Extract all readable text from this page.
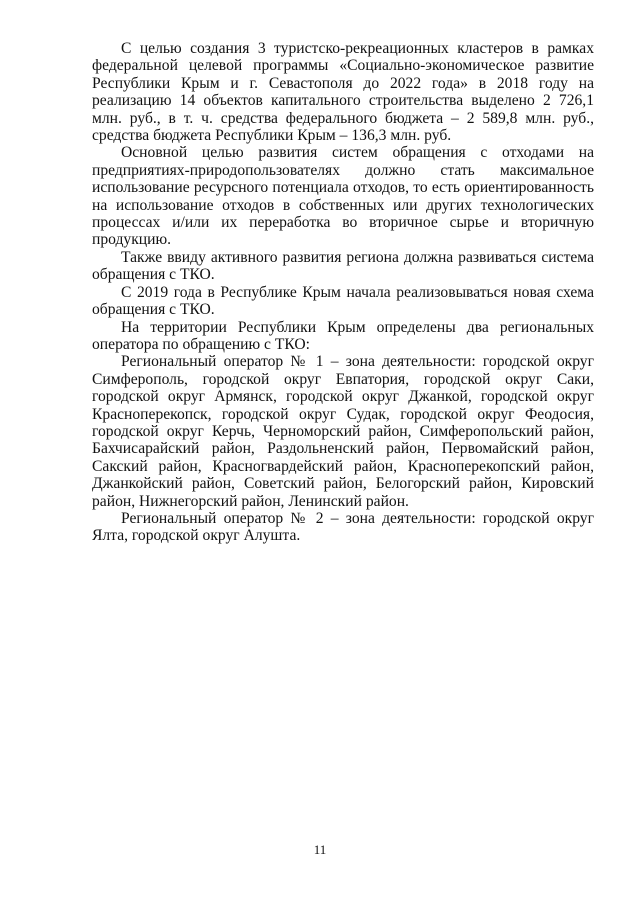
С целью создания 3 туристско-рекреационных кластеров в рамках федеральной целевой программы «Социально-экономическое развитие Республики Крым и г. Севастополя до 2022 года» в 2018 году на реализацию 14 объектов капитального строительства выделено 2 726,1 млн. руб., в т. ч. средства федерального бюджета – 2 589,8 млн. руб., средства бюджета Республики Крым – 136,3 млн. руб.

Основной целью развития систем обращения с отходами на предприятиях-природопользователях должно стать максимальное использование ресурсного потенциала отходов, то есть ориентированность на использование отходов в собственных или других технологических процессах и/или их переработка во вторичное сырье и вторичную продукцию.

Также ввиду активного развития региона должна развиваться система обращения с ТКО.

С 2019 года в Республике Крым начала реализовываться новая схема обращения с ТКО.

На территории Республики Крым определены два региональных оператора по обращению с ТКО:

Региональный оператор № 1 – зона деятельности: городской округ Симферополь, городской округ Евпатория, городской округ Саки, городской округ Армянск, городской округ Джанкой, городской округ Красноперекопск, городской округ Судак, городской округ Феодосия, городской округ Керчь, Черноморский район, Симферопольский район, Бахчисарайский район, Раздольненский район, Первомайский район, Сакский район, Красногвардейский район, Красноперекопский район, Джанкойский район, Советский район, Белогорский район, Кировский район, Нижнегорский район, Ленинский район.

Региональный оператор № 2 – зона деятельности: городской округ Ялта, городской округ Алушта.

11
